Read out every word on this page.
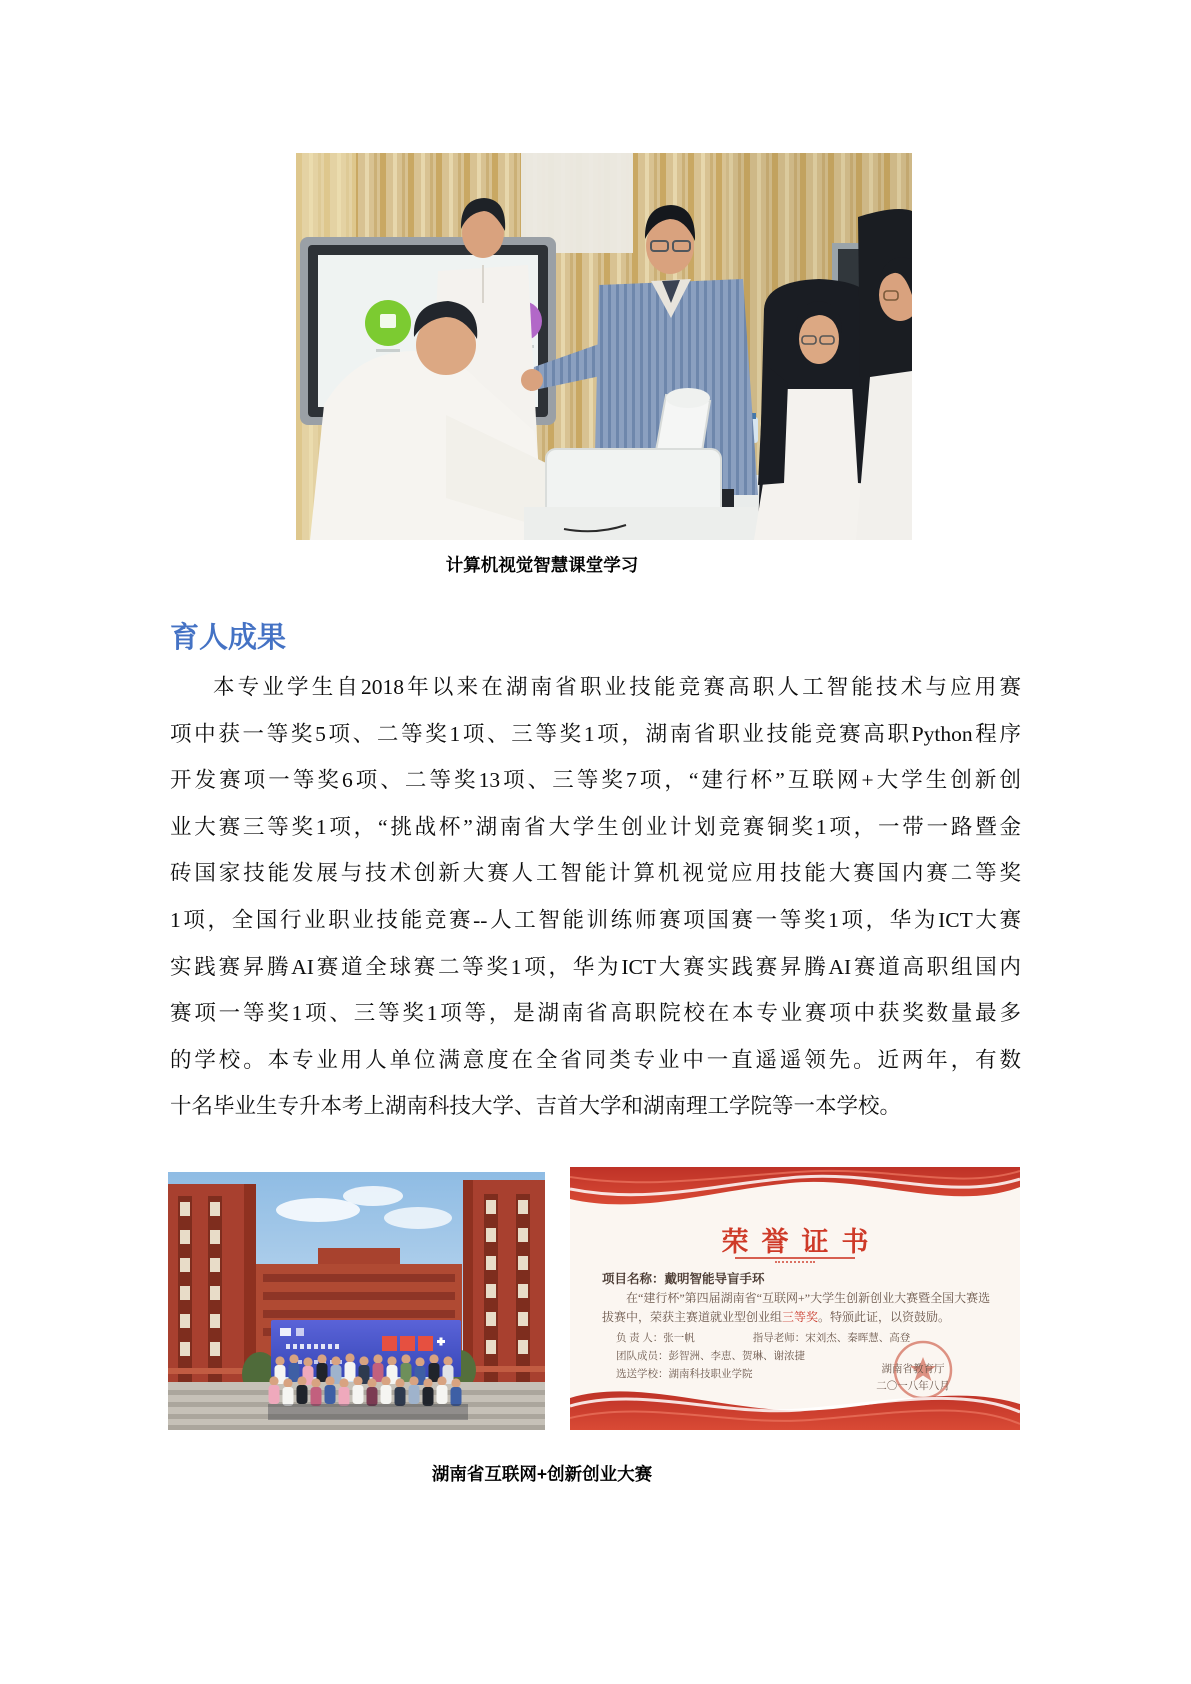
计算机视觉智慧课堂学习
育人成果
本专业学生自2018年以来在湖南省职业技能竞赛高职人工智能技术与应用赛
项中获一等奖5项、二等奖1项、三等奖1项，湖南省职业技能竞赛高职Python程序
开发赛项一等奖6项、二等奖13项、三等奖7项，“建行杯”互联网+大学生创新创
业大赛三等奖1项，“挑战杯”湖南省大学生创业计划竞赛铜奖1项，一带一路暨金
砖国家技能发展与技术创新大赛人工智能计算机视觉应用技能大赛国内赛二等奖
1项，全国行业职业技能竞赛--人工智能训练师赛项国赛一等奖1项，华为ICT大赛
实践赛昇腾AI赛道全球赛二等奖1项，华为ICT大赛实践赛昇腾AI赛道高职组国内
赛项一等奖1项、三等奖1项等，是湖南省高职院校在本专业赛项中获奖数量最多
的学校。本专业用人单位满意度在全省同类专业中一直遥遥领先。近两年，有数
十名毕业生专升本考上湖南科技大学、吉首大学和湖南理工学院等一本学校。
荣誉证书
项目名称：戴明智能导盲手环
在“建行杯”第四届湖南省“互联网+”大学生创新创业大赛暨全国大赛选拔赛中，荣获主赛道就业型创业组三等奖。特颁此证，以资鼓励。
负 责 人：张一帆	指导老师：宋刘杰、秦晖慧、高登
团队成员：彭智洲、李恵、贺琳、谢浓捷
选送学校：湖南科技职业学院	湖南省教育厅
二〇一八年八月
湖南省互联网+创新创业大赛
